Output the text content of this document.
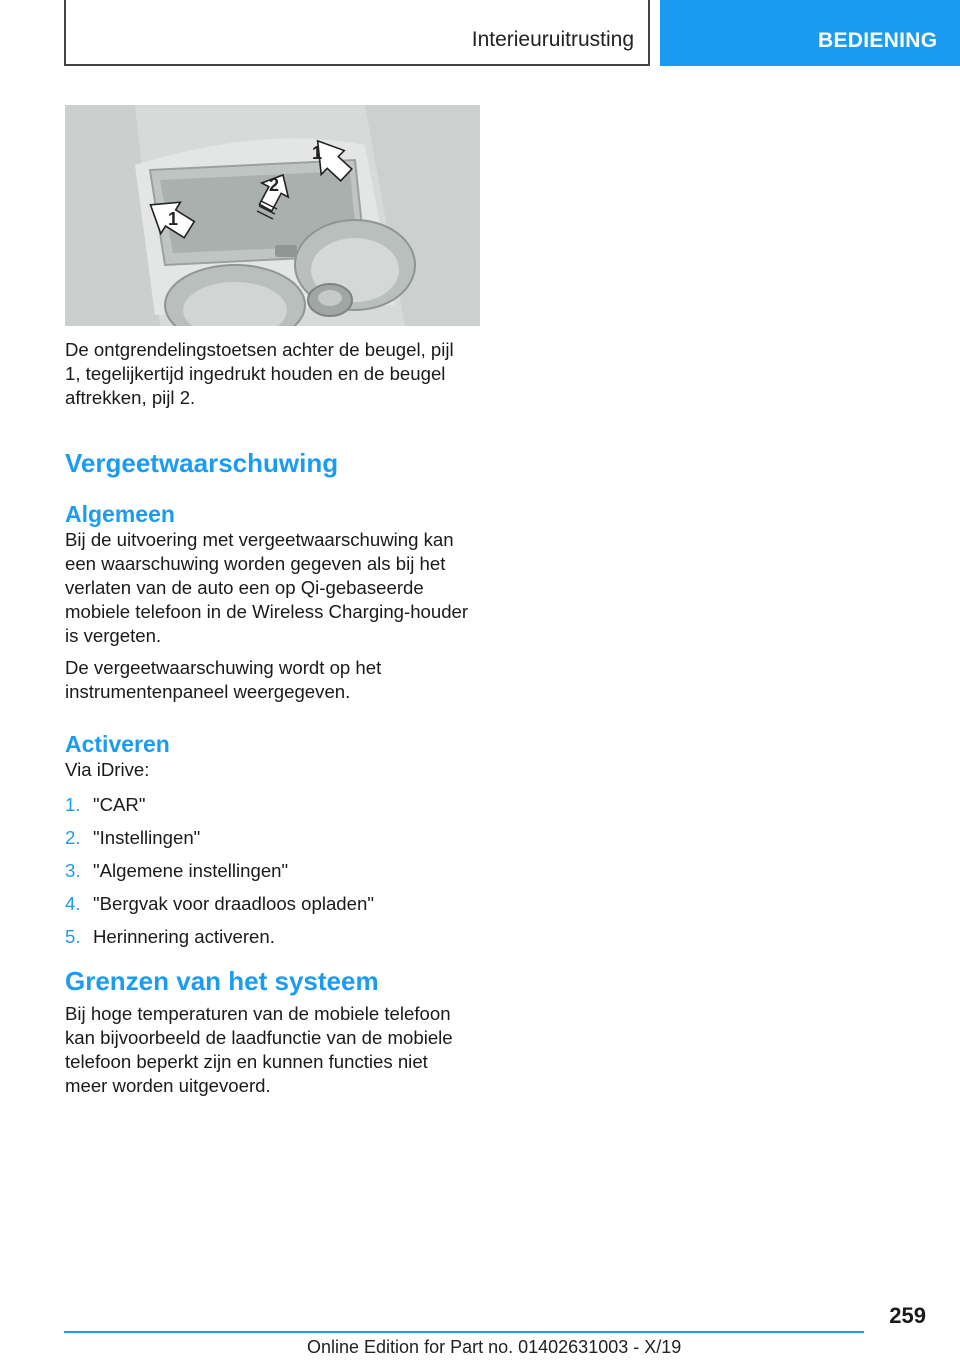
Interieuruitrusting	BEDIENING
1
2
1

De ontgrendelingstoetsen achter de beugel, pijl 1, tegelijkertijd ingedrukt houden en de beugel aftrekken, pijl 2.

Vergeetwaarschuwing
Algemeen

Bij de uitvoering met vergeetwaarschuwing kan een waarschuwing worden gegeven als bij het verlaten van de auto een op Qi-gebaseerde mobiele telefoon in de Wireless Charging-houder is vergeten.

De vergeetwaarschuwing wordt op het instrumentenpaneel weergegeven.

Activeren

Via iDrive:

1. "CAR"
2. "Instellingen"
3. "Algemene instellingen"
4. "Bergvak voor draadloos opladen"
5. Herinnering activeren.
Grenzen van het systeem

Bij hoge temperaturen van de mobiele telefoon kan bijvoorbeeld de laadfunctie van de mobiele telefoon beperkt zijn en kunnen functies niet meer worden uitgevoerd.

259
Online Edition for Part no. 01402631003 - X/19
